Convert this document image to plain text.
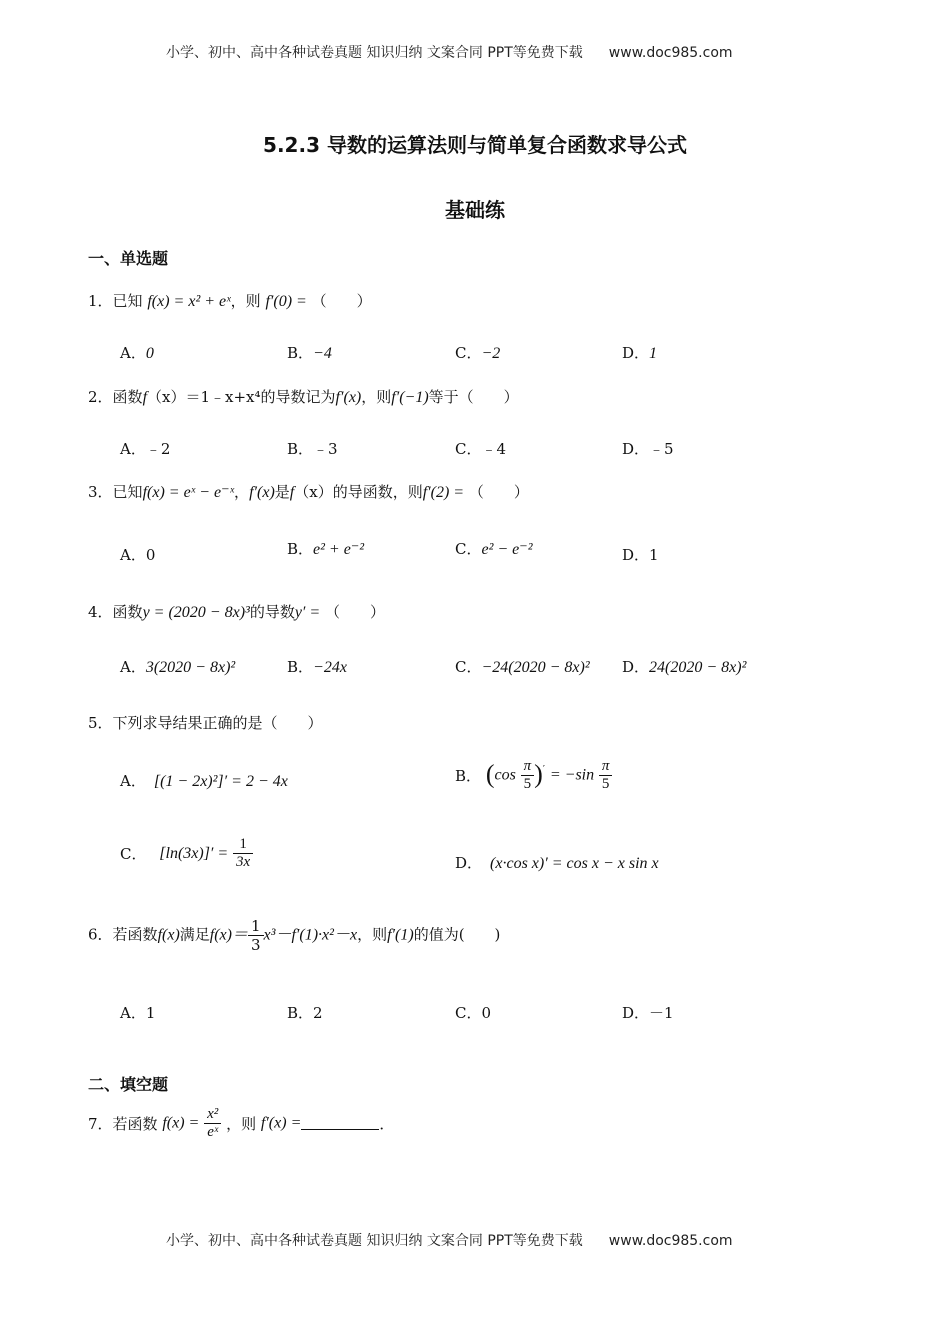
小学、初中、高中各种试卷真题 知识归纳 文案合同 PPT等免费下载 www.doc985.com
5.2.3 导数的运算法则与简单复合函数求导公式
基础练
一、单选题
1．已知 f(x) = x² + eˣ，则 f′(0) = （　　）
A．0	B．−4	C．−2	D．1
2．函数f（x）＝1﹣x+x⁴的导数记为f′(x)，则f′(−1)等于（　　）
A．﹣2	B．﹣3	C．﹣4	D．﹣5
3．已知f(x) = eˣ − e⁻ˣ，f′(x)是f（x）的导函数，则f′(2) = （　　）
A．0	B．e² + e⁻²	C．e² − e⁻²	D．1
4．函数y = (2020 − 8x)³的导数y′ = （　　）
A．3(2020 − 8x)²	B．−24x	C．−24(2020 − 8x)² D．24(2020 − 8x)²
5．下列求导结果正确的是（　　）
A． [(1 − 2x)²]′ = 2 − 4x	B． $(\cos \frac{\pi}{5} )' = -\sin \frac{\pi}{5}$
C． $[\ln(3x)]' = \frac{1}{3x}$	D． (x·cos x)′ = cos x − x sin x
6．若函数f(x)满足$f(x)= \frac{1}{3} x^3-f'(1)\cdot x^2-x$，则f′(1)的值为(　　)
A．1	B．2	C．0	D．－1
二、填空题
7．若函数 $f(x) = \frac{\text{x²}}{\text{eˣ}}$ ，则 f′(x) =	．
小学、初中、高中各种试卷真题 知识归纳 文案合同 PPT等免费下载 www.doc985.com
